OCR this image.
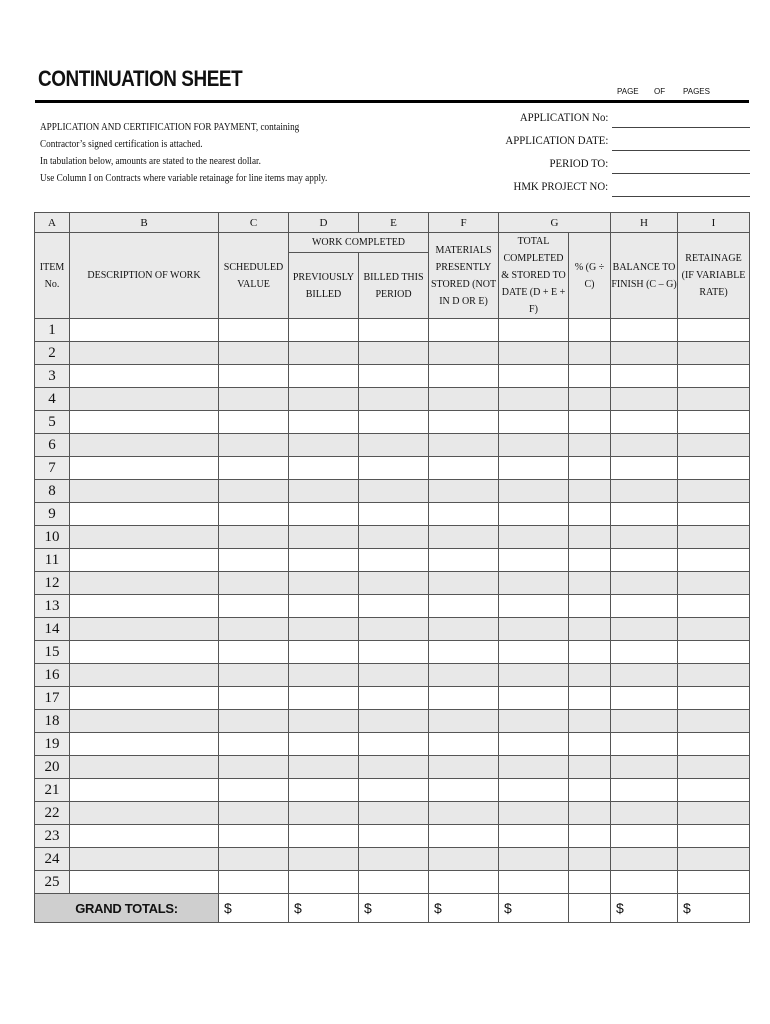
CONTINUATION SHEET
PAGE OF PAGES
APPLICATION AND CERTIFICATION FOR PAYMENT, containing
Contractor’s signed certification is attached.
In tabulation below, amounts are stated to the nearest dollar.
Use Column I on Contracts where variable retainage for line items may apply.
APPLICATION No:
APPLICATION DATE:
PERIOD TO:
HMK PROJECT NO:
A	B	C	D	E	F	G		H	I
ITEM No.	DESCRIPTION OF WORK	SCHEDULED VALUE	WORK COMPLETED		MATERIALS PRESENTLY STORED (NOT IN D OR E)	TOTAL COMPLETED & STORED TO DATE (D + E + F)	% (G ÷ C)	BALANCE TO FINISH (C – G)	RETAINAGE (IF VARIABLE RATE)
			PREVIOUSLY BILLED	BILLED THIS PERIOD					
1									
2									
3									
4									
5									
6									
7									
8									
9									
10									
11									
12									
13									
14									
15									
16									
17									
18									
19									
20									
21									
22									
23									
24									
25									
GRAND TOTALS:		$	$	$	$	$		$	$
